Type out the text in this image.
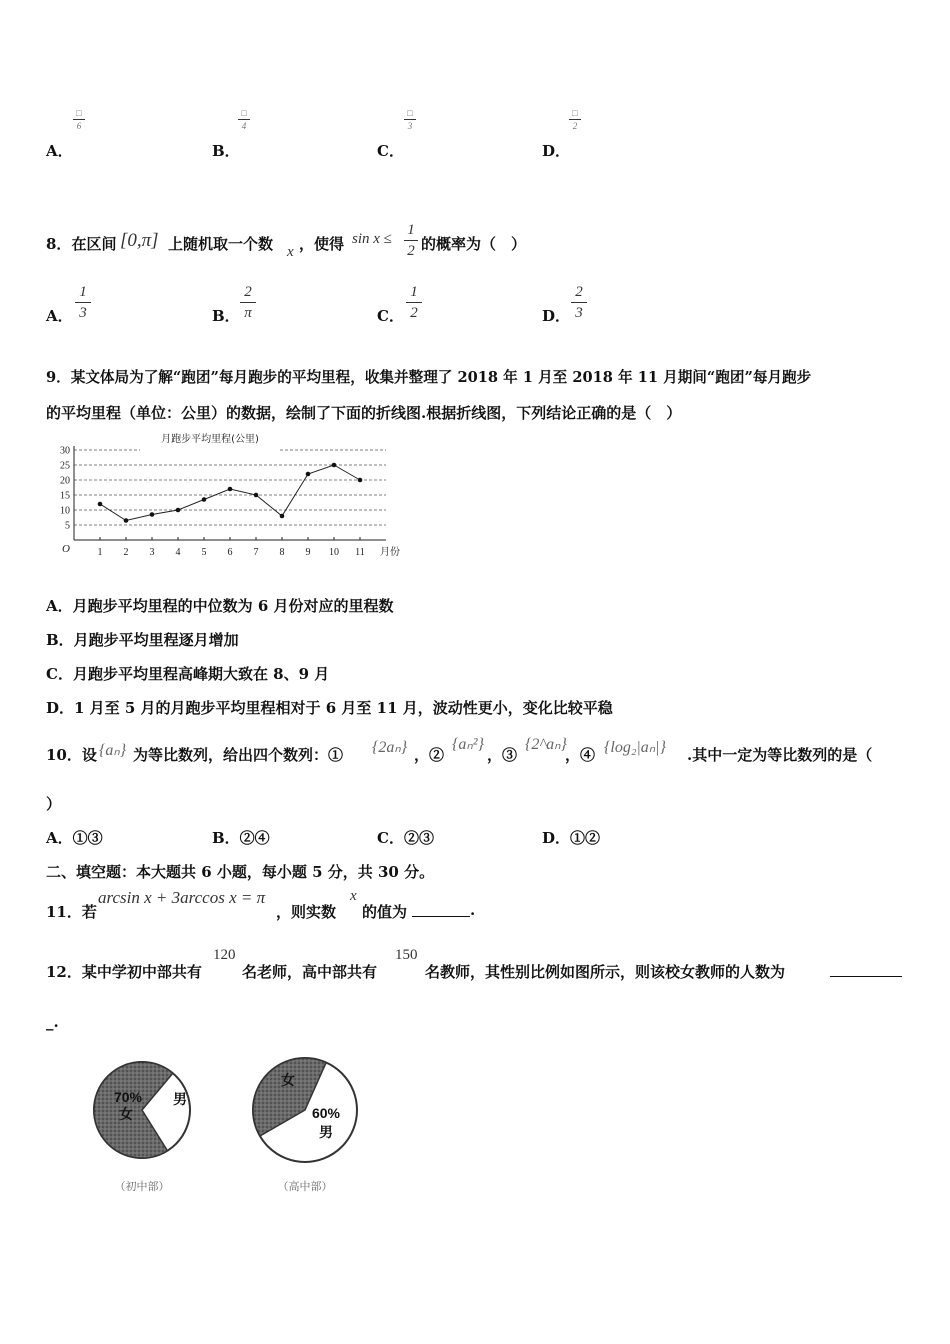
A．
□
6
B．
□
4
C．
□
3
D．
□
2
8．在区间 [0,π] 上随机取一个数 x ，使得 sin x ≤
1
2 的概率为（　）
A．
1
3	B．
2
π	C．
1
2	D．
2
3
9．某文体局为了解“跑团”每月跑步的平均里程，收集并整理了 2018 年 1 月至 2018 年 11 月期间“跑团”每月跑步
的平均里程（单位：公里）的数据，绘制了下面的折线图.根据折线图，下列结论正确的是（　）
月跑步平均里程(公里)
5
10
15
20
25
30
O	1 2 3 4 5 6 7 8 9 10 11 月份
A．月跑步平均里程的中位数为 6 月份对应的里程数
B．月跑步平均里程逐月增加
C．月跑步平均里程高峰期大致在 8、9 月
D．1 月至 5 月的月跑步平均里程相对于 6 月至 11 月，波动性更小，变化比较平稳
10．设 {aₙ} 为等比数列，给出四个数列：① {2aₙ} ，②
{aₙ²}
，③
{2^aₙ}
，④ {log₂|aₙ|} .其中一定为等比数列的是（
）
A．①③	B．②④	C．②③	D．①②
二、填空题：本大题共 6 小题，每小题 5 分，共 30 分。
11．若
arcsin x + 3arccos x = π
，则实数
x
的值为	.
12．某中学初中部共有
120
名老师，高中部共有
150
名教师，其性别比例如图所示，则该校女教师的人数为
_.
70%
女
男
（初中部）
女
60%
男
（高中部）
